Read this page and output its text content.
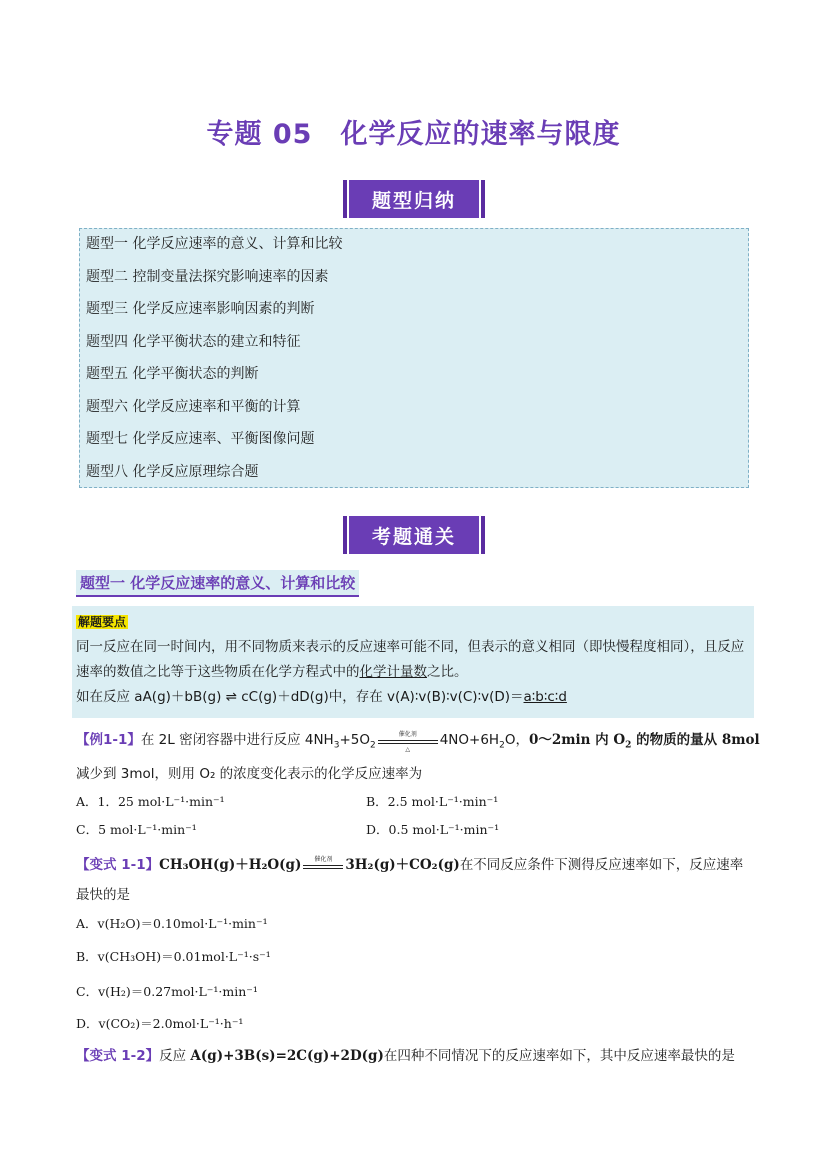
专题 05　化学反应的速率与限度
题型归纳
题型一 化学反应速率的意义、计算和比较
题型二 控制变量法探究影响速率的因素
题型三 化学反应速率影响因素的判断
题型四 化学平衡状态的建立和特征
题型五 化学平衡状态的判断
题型六 化学反应速率和平衡的计算
题型七 化学反应速率、平衡图像问题
题型八 化学反应原理综合题
考题通关
题型一 化学反应速率的意义、计算和比较
解题要点
同一反应在同一时间内，用不同物质来表示的反应速率可能不同，但表示的意义相同（即快慢程度相同），且反应速率的数值之比等于这些物质在化学方程式中的化学计量数之比。
如在反应 aA(g)＋bB(g) ⇌ cC(g)＋dD(g)中，存在 v(A)∶v(B)∶v(C)∶v(D)＝a∶b∶c∶d
【例1-1】在 2L 密闭容器中进行反应 $4NH_3+5O_2$
催化剂
△
$4NO+6H_2O$，0～2min 内 $O_2$ 的物质的量从 8mol
减少到 3mol，则用 O₂ 的浓度变化表示的化学反应速率为
A．1．25 mol·L⁻¹·min⁻¹	B．2.5 mol·L⁻¹·min⁻¹
C．5 mol·L⁻¹·min⁻¹	D．0.5 mol·L⁻¹·min⁻¹
【变式 1-1】CH₃OH(g)＋H₂O(g)	催化剂 3H₂(g)＋CO₂(g)在不同反应条件下测得反应速率如下，反应速率
最快的是
A．v(H₂O)＝0.10mol·L⁻¹·min⁻¹
B．v(CH₃OH)＝0.01mol·L⁻¹·s⁻¹
C．v(H₂)＝0.27mol·L⁻¹·min⁻¹
D．v(CO₂)＝2.0mol·L⁻¹·h⁻¹
【变式 1-2】反应 A(g)+3B(s)=2C(g)+2D(g)在四种不同情况下的反应速率如下，其中反应速率最快的是
